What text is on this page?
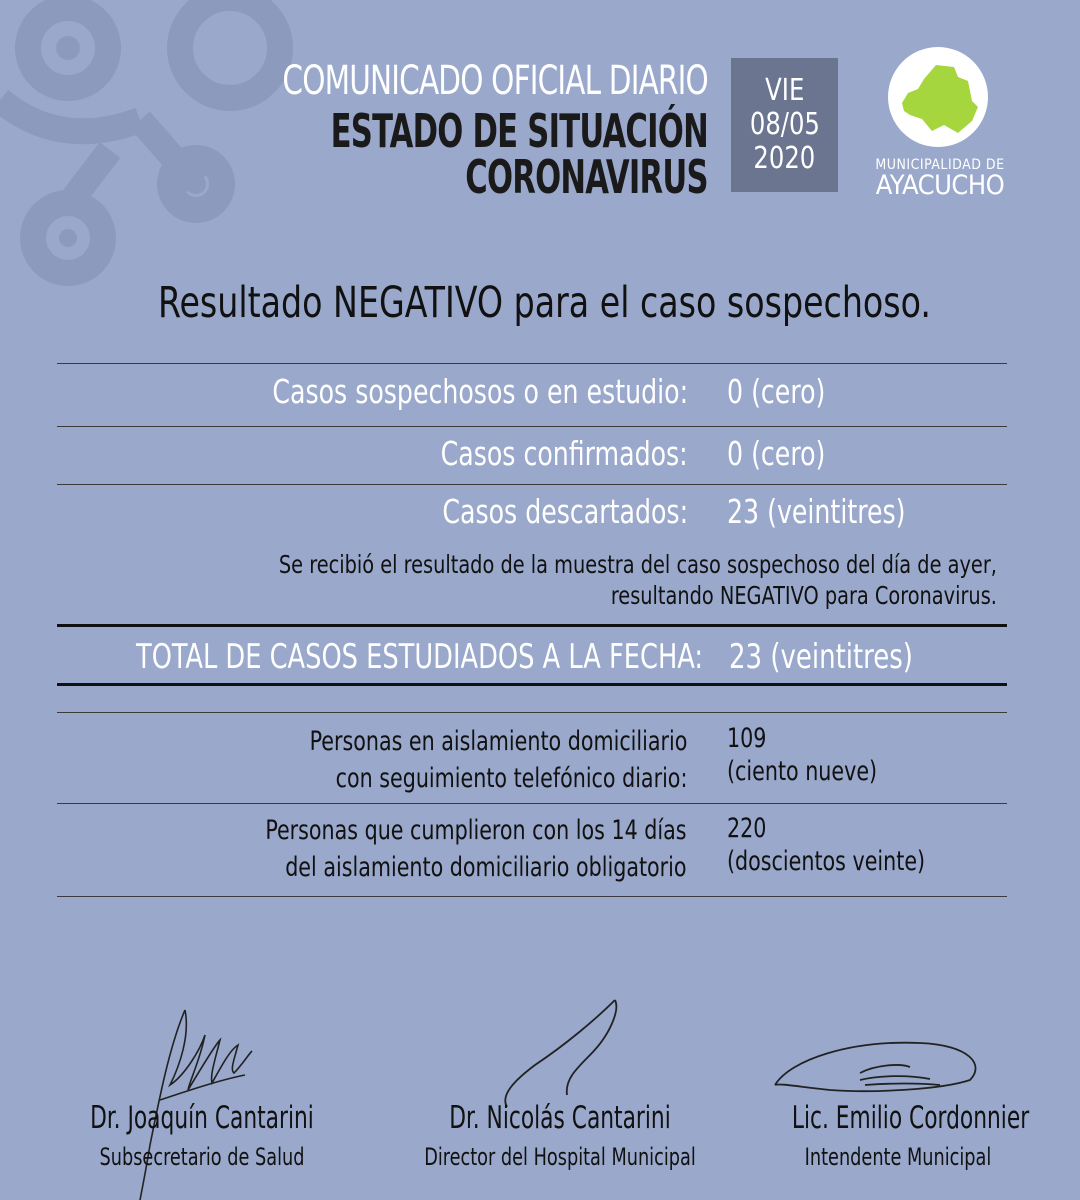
COMUNICADO OFICIAL DIARIO
ESTADO DE SITUACIÓN
CORONAVIRUS
VIE
08/05
2020	MUNICIPALIDAD DE
AYACUCHO
Resultado NEGATIVO para el caso sospechoso.
Casos sospechosos o en estudio: 0 (cero)
Casos confirmados: 0 (cero)
Casos descartados: 23 (veintitres)
Se recibió el resultado de la muestra del caso sospechoso del día de ayer,
resultando NEGATIVO para Coronavirus.
TOTAL DE CASOS ESTUDIADOS A LA FECHA: 23 (veintitres)
Personas en aislamiento domiciliario
con seguimiento telefónico diario:
109
(ciento nueve)
Personas que cumplieron con los 14 días
del aislamiento domiciliario obligatorio
220
(doscientos veinte)
Dr. Joaquín Cantarini
Subsecretario de Salud
Dr. Nicolás Cantarini
Director del Hospital Municipal
Lic. Emilio Cordonnier
Intendente Municipal
